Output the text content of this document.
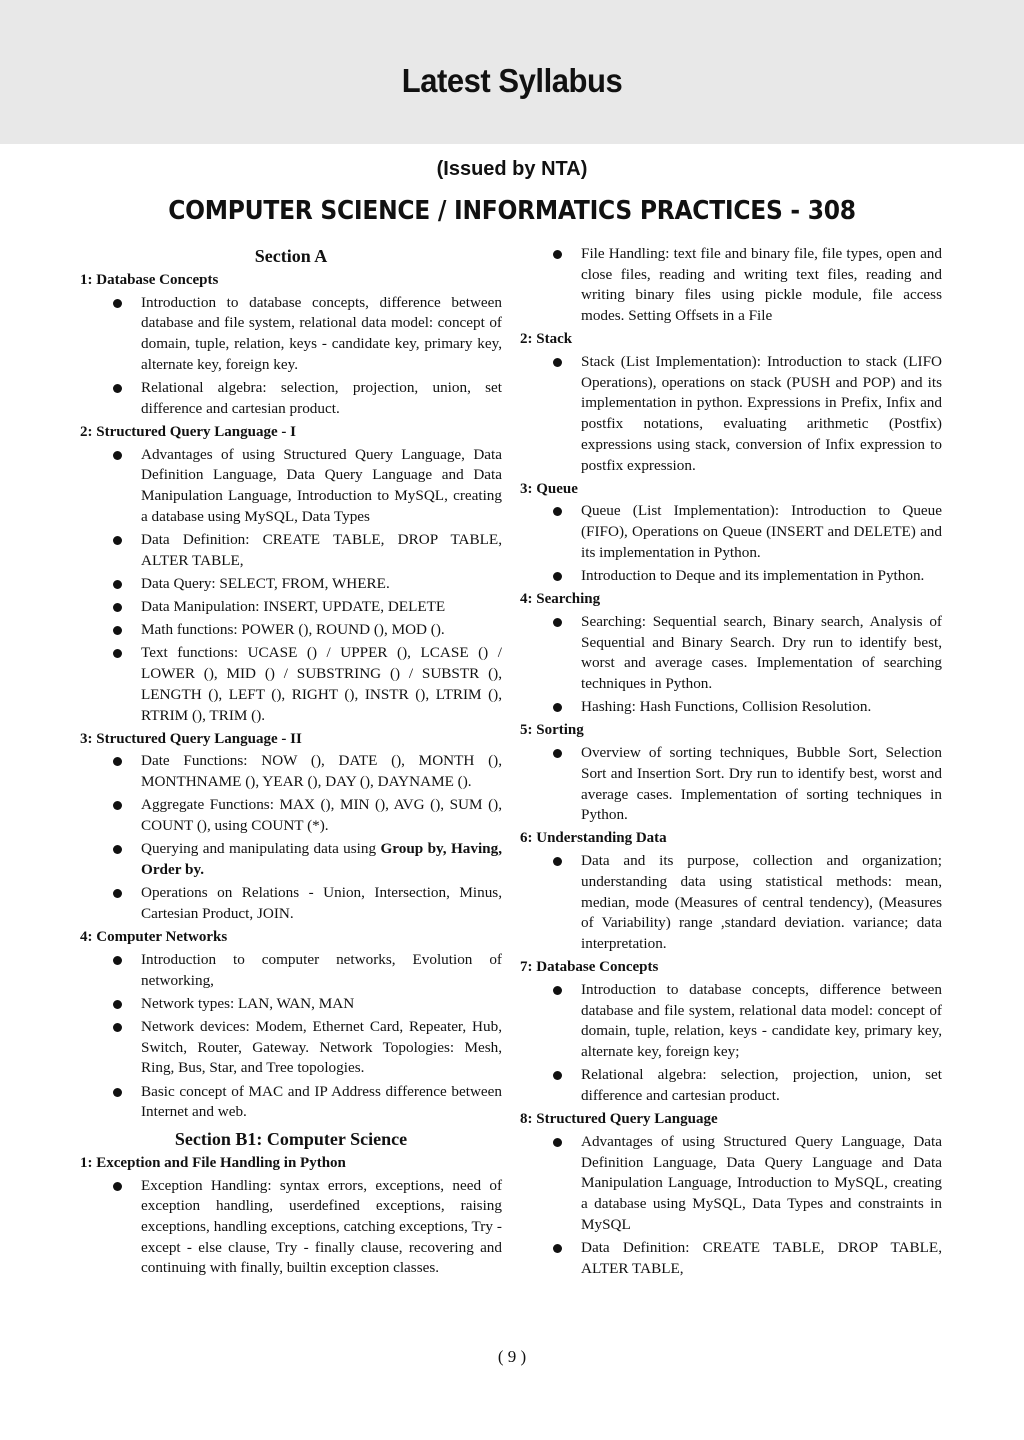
Latest Syllabus
(Issued by NTA)
COMPUTER SCIENCE / INFORMATICS PRACTICES - 308
Section A
1: Database Concepts
Introduction to database concepts, difference between database and file system, relational data model: concept of domain, tuple, relation, keys - candidate key, primary key, alternate key, foreign key.
Relational algebra: selection, projection, union, set difference and cartesian product.
2: Structured Query Language - I
Advantages of using Structured Query Language, Data Definition Language, Data Query Language and Data Manipulation Language, Introduction to MySQL, creating a database using MySQL, Data Types
Data Definition: CREATE TABLE, DROP TABLE, ALTER TABLE,
Data Query: SELECT, FROM, WHERE.
Data Manipulation: INSERT, UPDATE, DELETE
Math functions: POWER (), ROUND (), MOD ().
Text functions: UCASE () / UPPER (), LCASE () / LOWER (), MID () / SUBSTRING () / SUBSTR (), LENGTH (), LEFT (), RIGHT (), INSTR (), LTRIM (), RTRIM (), TRIM ().
3: Structured Query Language - II
Date Functions: NOW (), DATE (), MONTH (), MONTHNAME (), YEAR (), DAY (), DAYNAME ().
Aggregate Functions: MAX (), MIN (), AVG (), SUM (), COUNT (), using COUNT (*).
Querying and manipulating data using Group by, Having, Order by.
Operations on Relations - Union, Intersection, Minus, Cartesian Product, JOIN.
4: Computer Networks
Introduction to computer networks, Evolution of networking,
Network types: LAN, WAN, MAN
Network devices: Modem, Ethernet Card, Repeater, Hub, Switch, Router, Gateway. Network Topologies: Mesh, Ring, Bus, Star, and Tree topologies.
Basic concept of MAC and IP Address difference between Internet and web.
Section B1: Computer Science
1: Exception and File Handling in Python
Exception Handling: syntax errors, exceptions, need of exception handling, userdefined exceptions, raising exceptions, handling exceptions, catching exceptions, Try - except - else clause, Try - finally clause, recovering and continuing with finally, builtin exception classes.
File Handling: text file and binary file, file types, open and close files, reading and writing text files, reading and writing binary files using pickle module, file access modes. Setting Offsets in a File
2: Stack
Stack (List Implementation): Introduction to stack (LIFO Operations), operations on stack (PUSH and POP) and its implementation in python. Expressions in Prefix, Infix and postfix notations, evaluating arithmetic (Postfix) expressions using stack, conversion of Infix expression to postfix expression.
3: Queue
Queue (List Implementation): Introduction to Queue (FIFO), Operations on Queue (INSERT and DELETE) and its implementation in Python.
Introduction to Deque and its implementation in Python.
4: Searching
Searching: Sequential search, Binary search, Analysis of Sequential and Binary Search. Dry run to identify best, worst and average cases. Implementation of searching techniques in Python.
Hashing: Hash Functions, Collision Resolution.
5: Sorting
Overview of sorting techniques, Bubble Sort, Selection Sort and Insertion Sort. Dry run to identify best, worst and average cases. Implementation of sorting techniques in Python.
6: Understanding Data
Data and its purpose, collection and organization; understanding data using statistical methods: mean, median, mode (Measures of central tendency), (Measures of Variability) range ,standard deviation. variance; data interpretation.
7: Database Concepts
Introduction to database concepts, difference between database and file system, relational data model: concept of domain, tuple, relation, keys - candidate key, primary key, alternate key, foreign key;
Relational algebra: selection, projection, union, set difference and cartesian product.
8: Structured Query Language
Advantages of using Structured Query Language, Data Definition Language, Data Query Language and Data Manipulation Language, Introduction to MySQL, creating a database using MySQL, Data Types and constraints in MySQL
Data Definition: CREATE TABLE, DROP TABLE, ALTER TABLE,
( 9 )
